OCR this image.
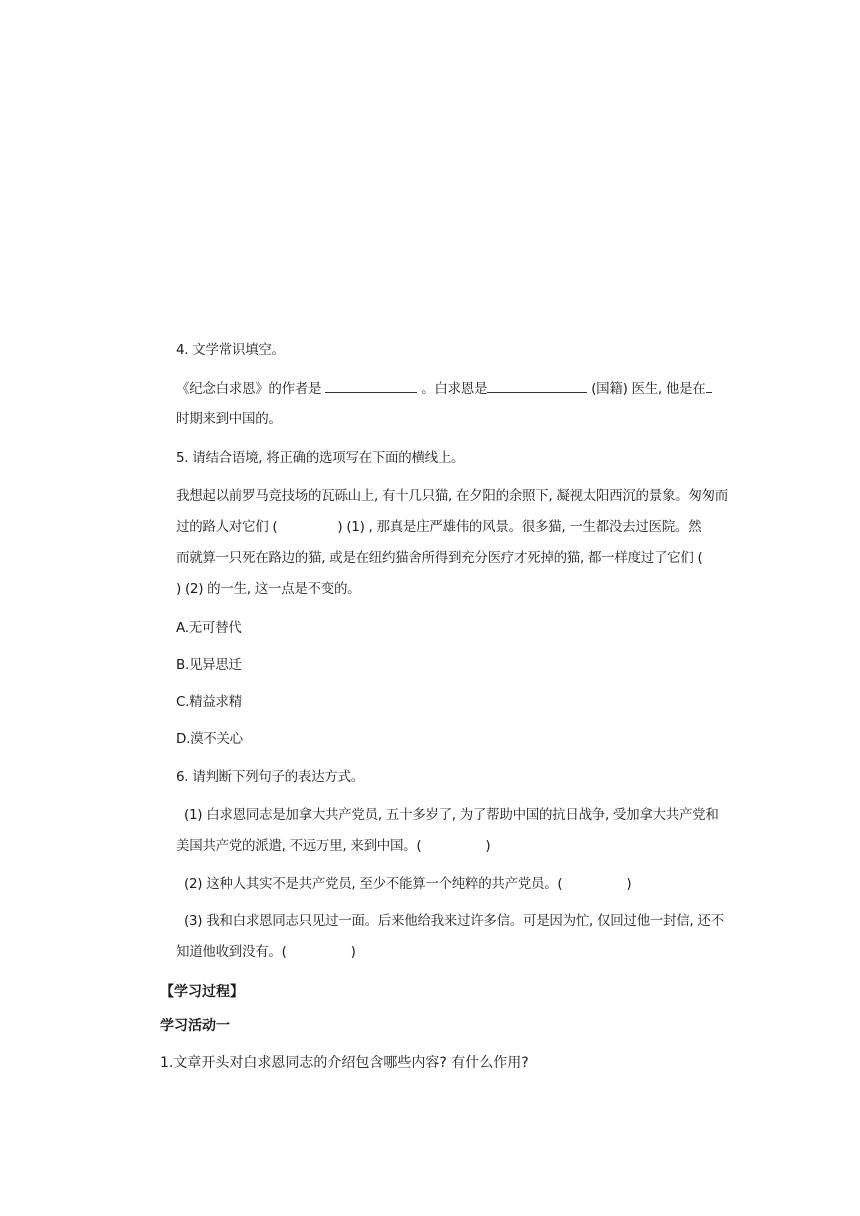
4. 文学常识填空。
《纪念白求恩》的作者是	。白求恩是	(国籍) 医生, 他是在
时期来到中国的。
5. 请结合语境, 将正确的选项写在下面的横线上。
我想起以前罗马竞技场的瓦砾山上, 有十几只猫, 在夕阳的余照下, 凝视太阳西沉的景象。匆匆而
过的路人对它们 (	) (1) , 那真是庄严雄伟的风景。很多猫, 一生都没去过医院。然
而就算一只死在路边的猫, 或是在纽约猫舍所得到充分医疗才死掉的猫, 都一样度过了它们 (
) (2) 的一生, 这一点是不变的。
A.无可替代
B.见异思迁
C.精益求精
D.漠不关心
6. 请判断下列句子的表达方式。
(1) 白求恩同志是加拿大共产党员, 五十多岁了, 为了帮助中国的抗日战争, 受加拿大共产党和
美国共产党的派遣, 不远万里, 来到中国。(	)
(2) 这种人其实不是共产党员, 至少不能算一个纯粹的共产党员。(	)
(3) 我和白求恩同志只见过一面。后来他给我来过许多信。可是因为忙, 仅回过他一封信, 还不
知道他收到没有。(	)
【学习过程】
学习活动一
1.文章开头对白求恩同志的介绍包含哪些内容? 有什么作用?
